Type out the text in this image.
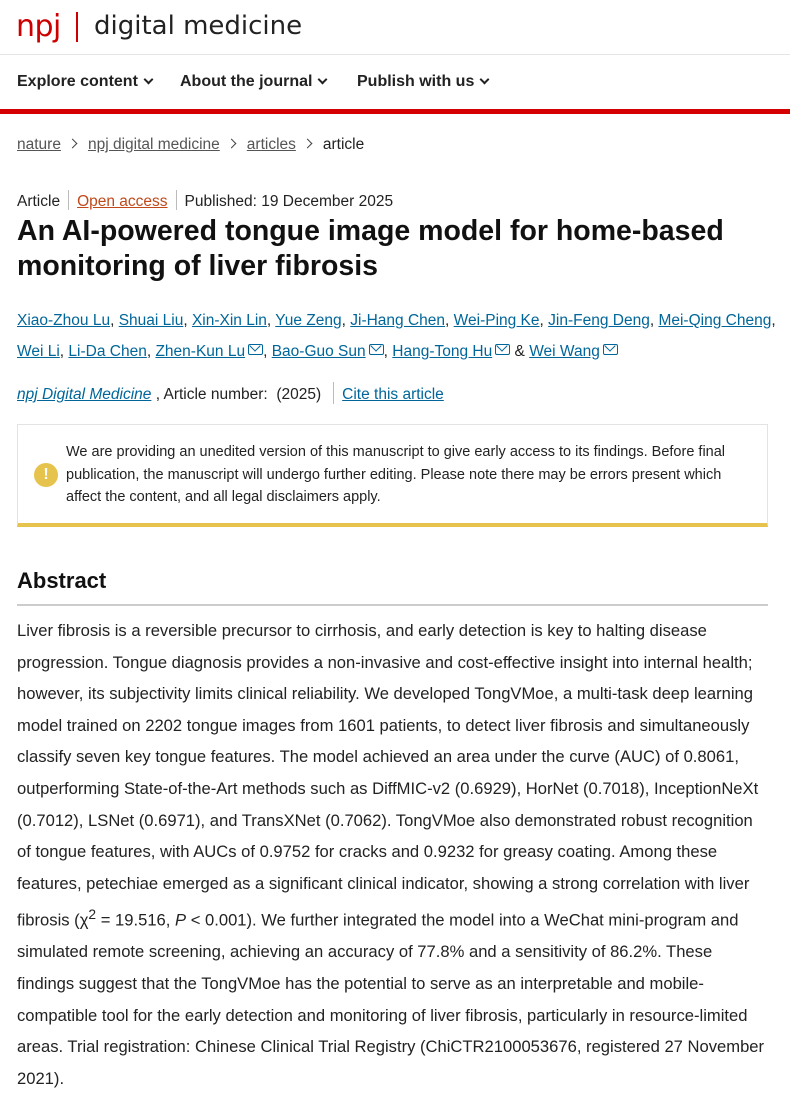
npj digital medicine
Explore content	About the journal	Publish with us
nature npj digital medicine articles article
Article Open access Published: 19 December 2025
An AI-powered tongue image model for home-based monitoring of liver fibrosis
Xiao-Zhou Lu, Shuai Liu, Xin-Xin Lin, Yue Zeng, Ji-Hang Chen, Wei-Ping Ke, Jin-Feng Deng, Mei-Qing Cheng, Wei Li, Li-Da Chen, Zhen-Kun Lu , Bao-Guo Sun , Hang-Tong Hu & Wei Wang
npj Digital Medicine , Article number: (2025) Cite this article
!

We are providing an unedited version of this manuscript to give early access to its findings. Before final publication, the manuscript will undergo further editing. Please note there may be errors present which affect the content, and all legal disclaimers apply.

Abstract

Liver fibrosis is a reversible precursor to cirrhosis, and early detection is key to halting disease progression. Tongue diagnosis provides a non-invasive and cost-effective insight into internal health; however, its subjectivity limits clinical reliability. We developed TongVMoe, a multi-task deep learning model trained on 2202 tongue images from 1601 patients, to detect liver fibrosis and simultaneously classify seven key tongue features. The model achieved an area under the curve (AUC) of 0.8061, outperforming State-of-the-Art methods such as DiffMIC-v2 (0.6929), HorNet (0.7018), InceptionNeXt (0.7012), LSNet (0.6971), and TransXNet (0.7062). TongVMoe also demonstrated robust recognition of tongue features, with AUCs of 0.9752 for cracks and 0.9232 for greasy coating. Among these features, petechiae emerged as a significant clinical indicator, showing a strong correlation with liver fibrosis ($\chi^2 = 19.516$, P < 0.001). We further integrated the model into a WeChat mini-program and simulated remote screening, achieving an accuracy of 77.8% and a sensitivity of 86.2%. These findings suggest that the TongVMoe has the potential to serve as an interpretable and mobile-compatible tool for the early detection and monitoring of liver fibrosis, particularly in resource-limited areas. Trial registration: Chinese Clinical Trial Registry (ChiCTR2100053676, registered 27 November 2021).
